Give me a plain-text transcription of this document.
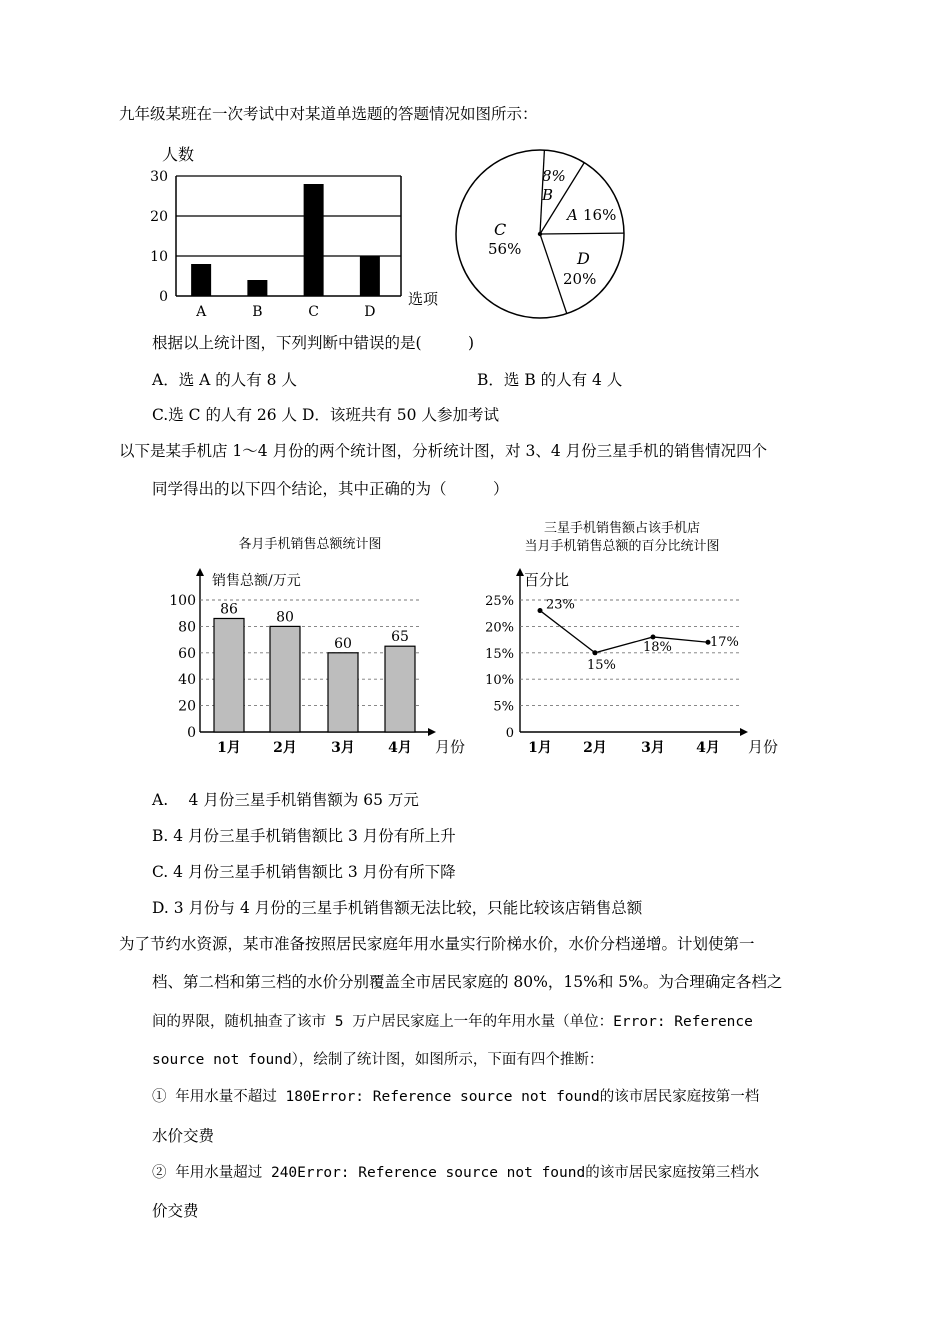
九年级某班在一次考试中对某道单选题的答题情况如图所示：
人数
选项
30
20
10
0
A	B	C	D
8%
B
A 16%
C
56%	D
20%
根据以上统计图，下列判断中错误的是(　　　)
A．选 A 的人有 8 人	B．选 B 的人有 4 人
C.选 C 的人有 26 人 D．该班共有 50 人参加考试
以下是某手机店 1～4 月份的两个统计图，分析统计图，对 3、4 月份三星手机的销售情况四个
同学得出的以下四个结论，其中正确的为（　　　）
各月手机销售总额统计图
销售总额/万元
月份
100
80
60
40
20
0
86	80
60	65
1月 2月 3月 4月
三星手机销售额占该手机店
当月手机销售总额的百分比统计图
百分比
月份
25%
20%
15%
10%
5%
0
23%
15%
18%	17%
1月 2月 3月 4月
A.　 4 月份三星手机销售额为 65 万元
B. 4 月份三星手机销售额比 3 月份有所上升
C. 4 月份三星手机销售额比 3 月份有所下降
D. 3 月份与 4 月份的三星手机销售额无法比较，只能比较该店销售总额
为了节约水资源，某市准备按照居民家庭年用水量实行阶梯水价，水价分档递增。计划使第一
档、第二档和第三档的水价分别覆盖全市居民家庭的 80%，15%和 5%。为合理确定各档之
间的界限，随机抽查了该市 5 万户居民家庭上一年的年用水量（单位：Error: Reference
source not found），绘制了统计图，如图所示，下面有四个推断：
① 年用水量不超过 180Error: Reference source not found的该市居民家庭按第一档
水价交费
② 年用水量超过 240Error: Reference source not found的该市居民家庭按第三档水
价交费
